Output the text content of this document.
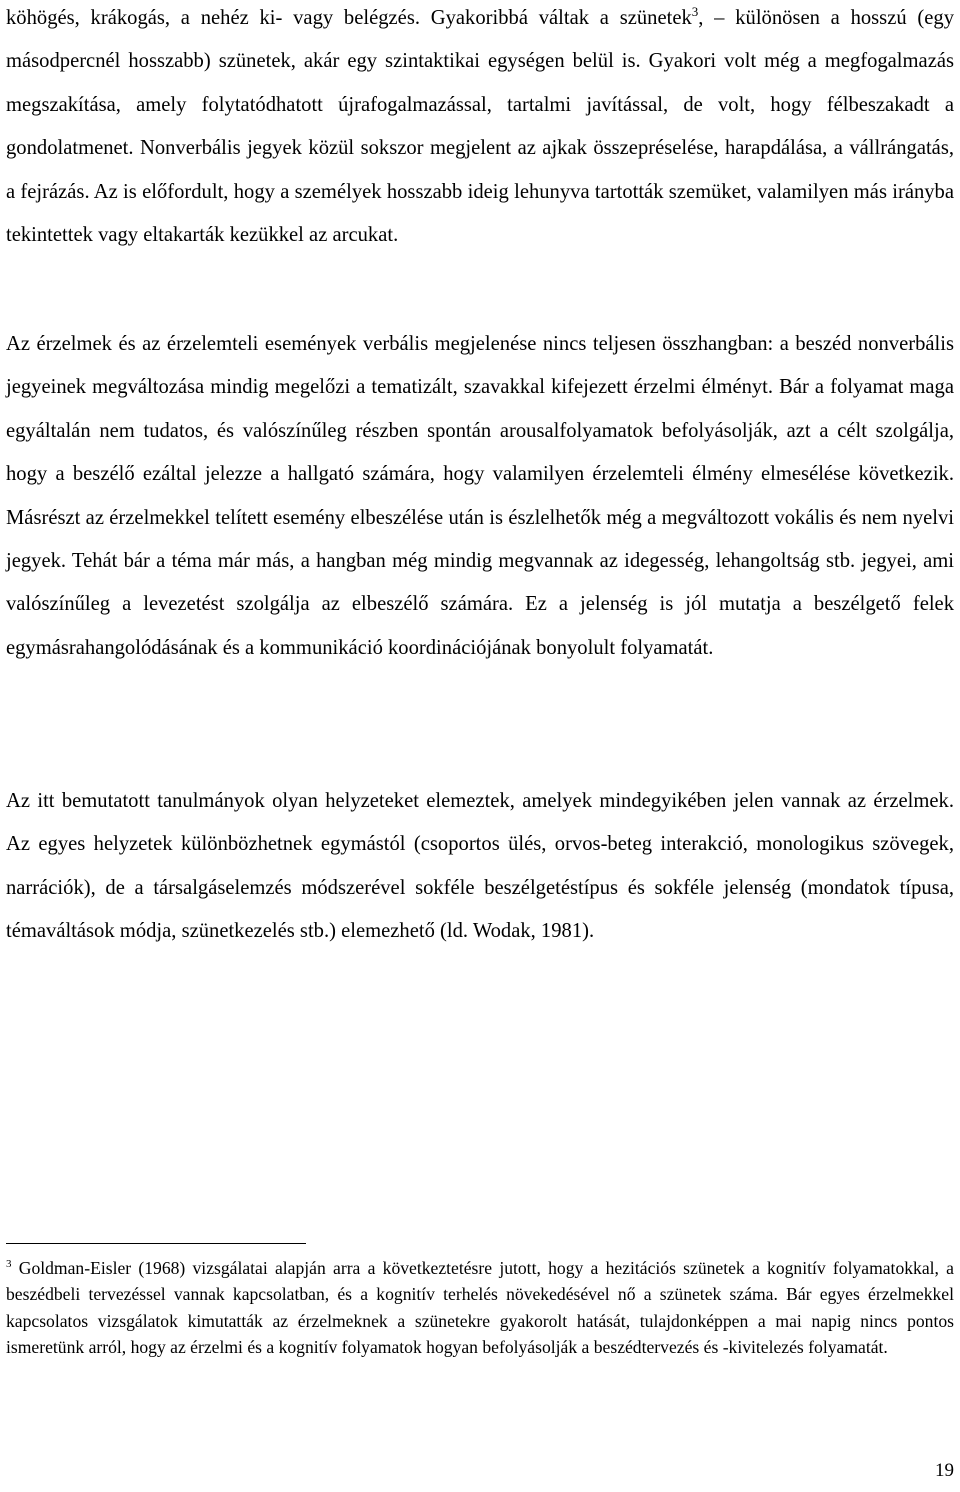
köhögés, krákogás, a nehéz ki- vagy belégzés. Gyakoribbá váltak a szünetek$^3$, – különösen a hosszú (egy másodpercnél hosszabb) szünetek, akár egy szintaktikai egységen belül is. Gyakori volt még a megfogalmazás megszakítása, amely folytatódhatott újrafogalmazással, tartalmi javítással, de volt, hogy félbeszakadt a gondolatmenet. Nonverbális jegyek közül sokszor megjelent az ajkak összepréselése, harapdálása, a vállrángatás, a fejrázás. Az is előfordult, hogy a személyek hosszabb ideig lehunyva tartották szemüket, valamilyen más irányba tekintettek vagy eltakarták kezükkel az arcukat.

Az érzelmek és az érzelemteli események verbális megjelenése nincs teljesen összhangban: a beszéd nonverbális jegyeinek megváltozása mindig megelőzi a tematizált, szavakkal kifejezett érzelmi élményt. Bár a folyamat maga egyáltalán nem tudatos, és valószínűleg részben spontán arousalfolyamatok befolyásolják, azt a célt szolgálja, hogy a beszélő ezáltal jelezze a hallgató számára, hogy valamilyen érzelemteli élmény elmesélése következik. Másrészt az érzelmekkel telített esemény elbeszélése után is észlelhetők még a megváltozott vokális és nem nyelvi jegyek. Tehát bár a téma már más, a hangban még mindig megvannak az idegesség, lehangoltság stb. jegyei, ami valószínűleg a levezetést szolgálja az elbeszélő számára. Ez a jelenség is jól mutatja a beszélgető felek egymásrahangolódásának és a kommunikáció koordinációjának bonyolult folyamatát.

Az itt bemutatott tanulmányok olyan helyzeteket elemeztek, amelyek mindegyikében jelen vannak az érzelmek. Az egyes helyzetek különbözhetnek egymástól (csoportos ülés, orvos-beteg interakció, monologikus szövegek, narrációk), de a társalgáselemzés módszerével sokféle beszélgetéstípus és sokféle jelenség (mondatok típusa, témaváltások módja, szünetkezelés stb.) elemezhető (ld. Wodak, 1981).

$^3$ Goldman-Eisler (1968) vizsgálatai alapján arra a következtetésre jutott, hogy a hezitációs szünetek a kognitív folyamatokkal, a beszédbeli tervezéssel vannak kapcsolatban, és a kognitív terhelés növekedésével nő a szünetek száma. Bár egyes érzelmekkel kapcsolatos vizsgálatok kimutatták az érzelmeknek a szünetekre gyakorolt hatását, tulajdonképpen a mai napig nincs pontos ismeretünk arról, hogy az érzelmi és a kognitív folyamatok hogyan befolyásolják a beszédtervezés és -kivitelezés folyamatát.

19
